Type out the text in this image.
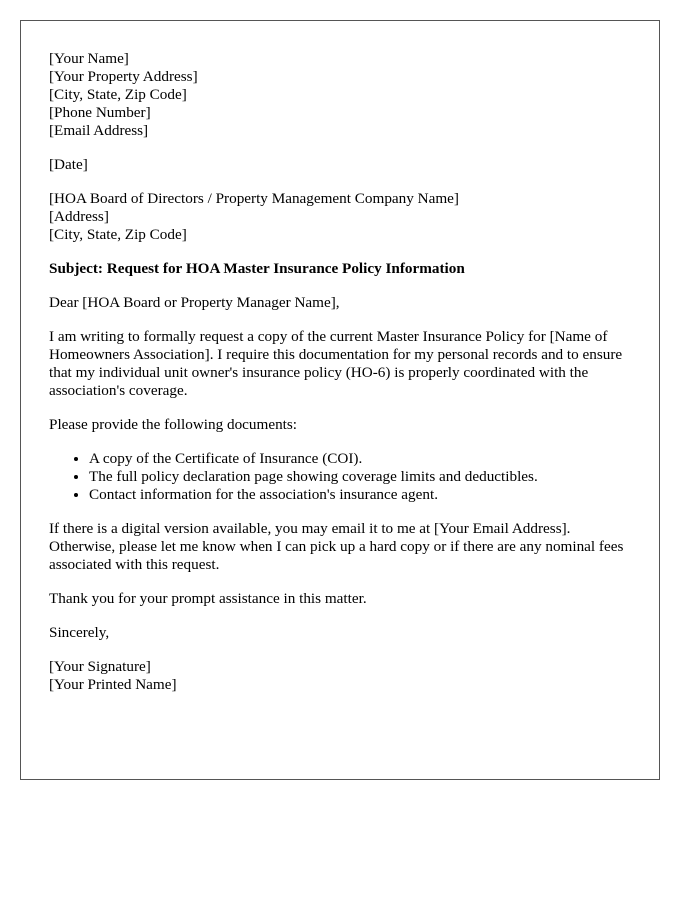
[Your Name]
[Your Property Address]
[City, State, Zip Code]
[Phone Number]
[Email Address]

[Date]

[HOA Board of Directors / Property Management Company Name]
[Address]
[City, State, Zip Code]

Subject: Request for HOA Master Insurance Policy Information

Dear [HOA Board or Property Manager Name],

I am writing to formally request a copy of the current Master Insurance Policy for [Name of Homeowners Association]. I require this documentation for my personal records and to ensure that my individual unit owner's insurance policy (HO-6) is properly coordinated with the association's coverage.

Please provide the following documents:

• A copy of the Certificate of Insurance (COI).
• The full policy declaration page showing coverage limits and deductibles.
• Contact information for the association's insurance agent.

If there is a digital version available, you may email it to me at [Your Email Address]. Otherwise, please let me know when I can pick up a hard copy or if there are any nominal fees associated with this request.

Thank you for your prompt assistance in this matter.

Sincerely,

[Your Signature]
[Your Printed Name]
